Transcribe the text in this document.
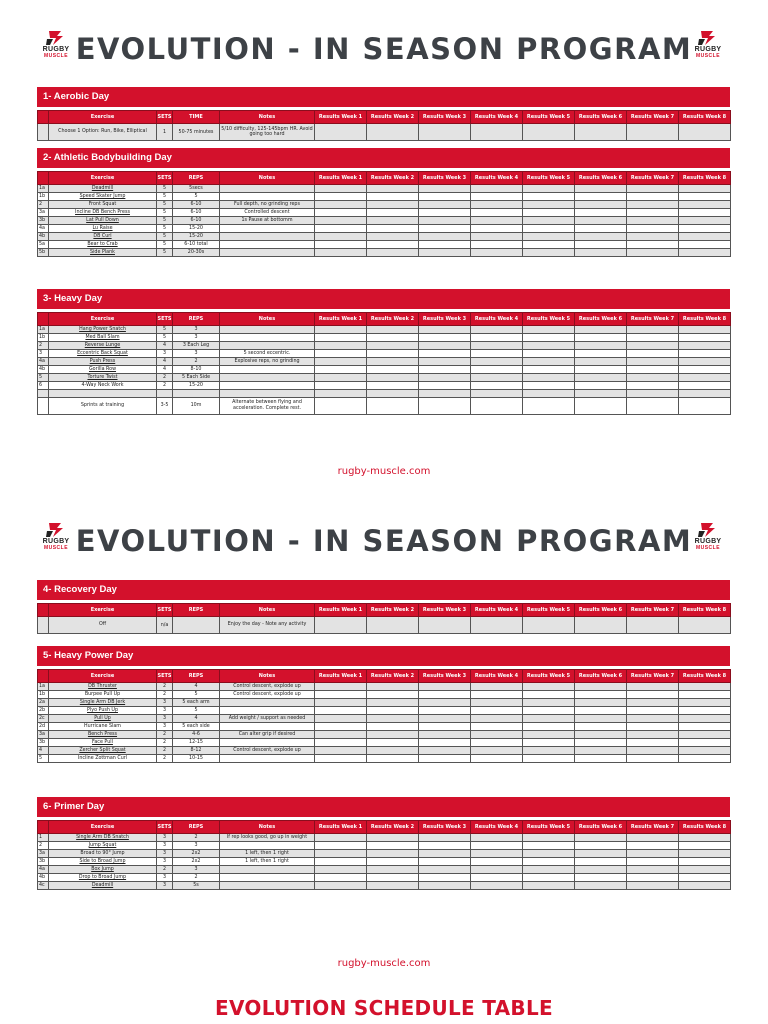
RUGBY
MUSCLE EVOLUTION - IN SEASON PROGRAM RUGBY
MUSCLE
1- Aerobic Day
	Exercise	SETS	TIME	Notes	Results Week 1	Results Week 2	Results Week 3	Results Week 4	Results Week 5	Results Week 6	Results Week 7	Results Week 8
	Choose 1 Option: Run, Bike, Elliptical	1	50-75 minutes	5/10 difficulty, 125-145bpm HR. Avoid going too hard								
2- Athletic Bodybuilding Day
	Exercise	SETS	REPS	Notes	Results Week 1	Results Week 2	Results Week 3	Results Week 4	Results Week 5	Results Week 6	Results Week 7	Results Week 8
1a	Deadmill	5	5secs									
1b	Speed Skater Jump	5	5									
2	Front Squat	5	6-10	Full depth, no grinding reps								
3a	Incline DB Bench Press	5	6-10	Controlled descent								
3b	Lat Pull Down	5	6-10	1s Pause at bottomm								
4a	Lu Raise	5	15-20									
4b	DB Curl	5	15-20									
5a	Bear to Crab	5	6-10 total									
5b	Side Plank	5	20-30s									
3- Heavy Day
	Exercise	SETS	REPS	Notes	Results Week 1	Results Week 2	Results Week 3	Results Week 4	Results Week 5	Results Week 6	Results Week 7	Results Week 8
1a	Hang Power Snatch	5	3									
1b	Med Ball Slam	5	3									
2	Reverse Lunge	4	3 Each Leg									
3	Eccentric Back Squat	3	3	5 second eccentric.								
4a	Push Press	4	2	Explosive reps, no grinding								
4b	Gorilla Row	4	8-10									
5	Torture Twist	2	5 Each Side									
6	4-Way Neck Work	2	15-20									

	Sprints at training	3-5	10m	Alternate between flying and acceleration. Complete rest.								
rugby-muscle.com
RUGBY
MUSCLE EVOLUTION - IN SEASON PROGRAM RUGBY
MUSCLE
4- Recovery Day
	Exercise	SETS	REPS	Notes	Results Week 1	Results Week 2	Results Week 3	Results Week 4	Results Week 5	Results Week 6	Results Week 7	Results Week 8
	Off	n/a		Enjoy the day - Note any activity								
5- Heavy Power Day
	Exercise	SETS	REPS	Notes	Results Week 1	Results Week 2	Results Week 3	Results Week 4	Results Week 5	Results Week 6	Results Week 7	Results Week 8
1a	DB Thruster	2	4	Control descent, explode up								
1b	Burpee Pull Up	2	5	Control descent, explode up								
2a	Single Arm DB Jerk	3	5 each arm									
2b	Plyo Push Up	3	5									
2c	Pull Up	3	4	Add weight / support as needed								
2d	Hurricane Slam	3	5 each side									
3a	Bench Press	2	4-6	Can alter grip if desired								
3b	Face Pull	2	12-15									
4	Zercher Split Squat	2	8-12	Control descent, explode up								
5	Incline Zottman Curl	2	10-15									
6- Primer Day
	Exercise	SETS	REPS	Notes	Results Week 1	Results Week 2	Results Week 3	Results Week 4	Results Week 5	Results Week 6	Results Week 7	Results Week 8
1	Single Arm DB Snatch	3	2	If rep looks good, go up in weight								
2	Jump Squat	3	3									
3a	Broad to 90° Jump	3	2x2	1 left, then 1 right								
3b	Side to Broad Jump	3	2x2	1 left, then 1 right								
4a	Box Jump	2	3									
4b	Drop to Broad Jump	3	2									
4c	Deadmill	3	5s									
rugby-muscle.com
EVOLUTION SCHEDULE TABLE
